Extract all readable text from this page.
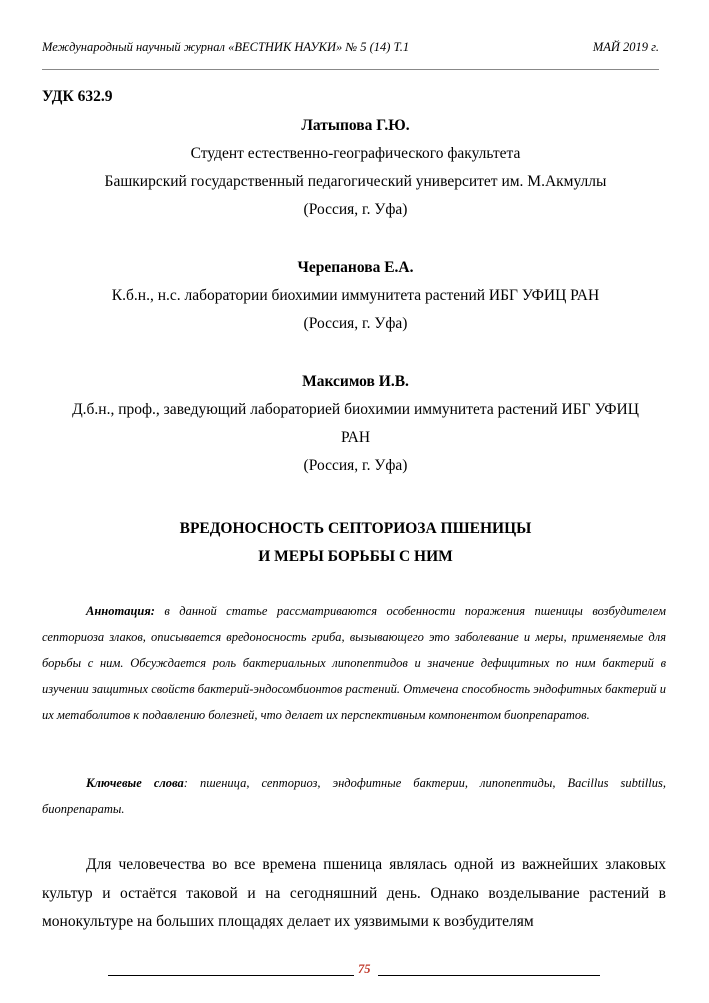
Международный научный журнал «ВЕСТНИК НАУКИ» № 5 (14) Т.1	МАЙ 2019 г.
УДК 632.9

Латыпова Г.Ю.

Студент естественно-географического факультета

Башкирский государственный педагогический университет им. М.Акмуллы

(Россия, г. Уфа)

Черепанова Е.А.

К.б.н., н.с. лаборатории биохимии иммунитета растений ИБГ УФИЦ РАН

(Россия, г. Уфа)

Максимов И.В.

Д.б.н., проф., заведующий лабораторией биохимии иммунитета растений ИБГ УФИЦ

РАН

(Россия, г. Уфа)

ВРЕДОНОСНОСТЬ СЕПТОРИОЗА ПШЕНИЦЫ

И МЕРЫ БОРЬБЫ С НИМ

Аннотация: в данной статье рассматриваются особенности поражения пшеницы возбудителем септориоза злаков, описывается вредоносность гриба, вызывающего это заболевание и меры, применяемые для борьбы с ним. Обсуждается роль бактериальных липопептидов и значение дефицитных по ним бактерий в изучении защитных свойств бактерий-эндосомбионтов растений. Отмечена способность эндофитных бактерий и их метаболитов к подавлению болезней, что делает их перспективным компонентом биопрепаратов.

Ключевые слова: пшеница, септориоз, эндофитные бактерии, липопептиды, Bacillus subtillus, биопрепараты.

Для человечества во все времена пшеница являлась одной из важнейших злаковых культур и остаётся таковой и на сегодняшний день. Однако возделывание растений в монокультуре на больших площадях делает их уязвимыми к возбудителям

75
